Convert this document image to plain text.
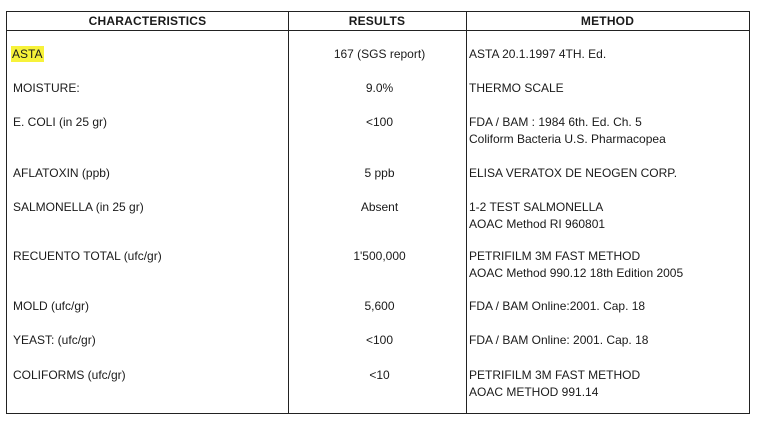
CHARACTERISTICS	RESULTS	METHOD
ASTA	167 (SGS report)	ASTA 20.1.1997 4TH. Ed.
MOISTURE:	9.0%	THERMO SCALE
E. COLI (in 25 gr)	<100	FDA / BAM : 1984 6th. Ed. Ch. 5
Coliform Bacteria U.S. Pharmacopea
AFLATOXIN (ppb)	5 ppb	ELISA VERATOX DE NEOGEN CORP.
SALMONELLA (in 25 gr)	Absent	1-2 TEST SALMONELLA
AOAC Method RI 960801
RECUENTO TOTAL (ufc/gr)	1'500,000	PETRIFILM 3M FAST METHOD
AOAC Method 990.12 18th Edition 2005
MOLD (ufc/gr)	5,600	FDA / BAM Online:2001. Cap. 18
YEAST: (ufc/gr)	<100	FDA / BAM Online: 2001. Cap. 18
COLIFORMS (ufc/gr)	<10	PETRIFILM 3M FAST METHOD
AOAC METHOD 991.14
